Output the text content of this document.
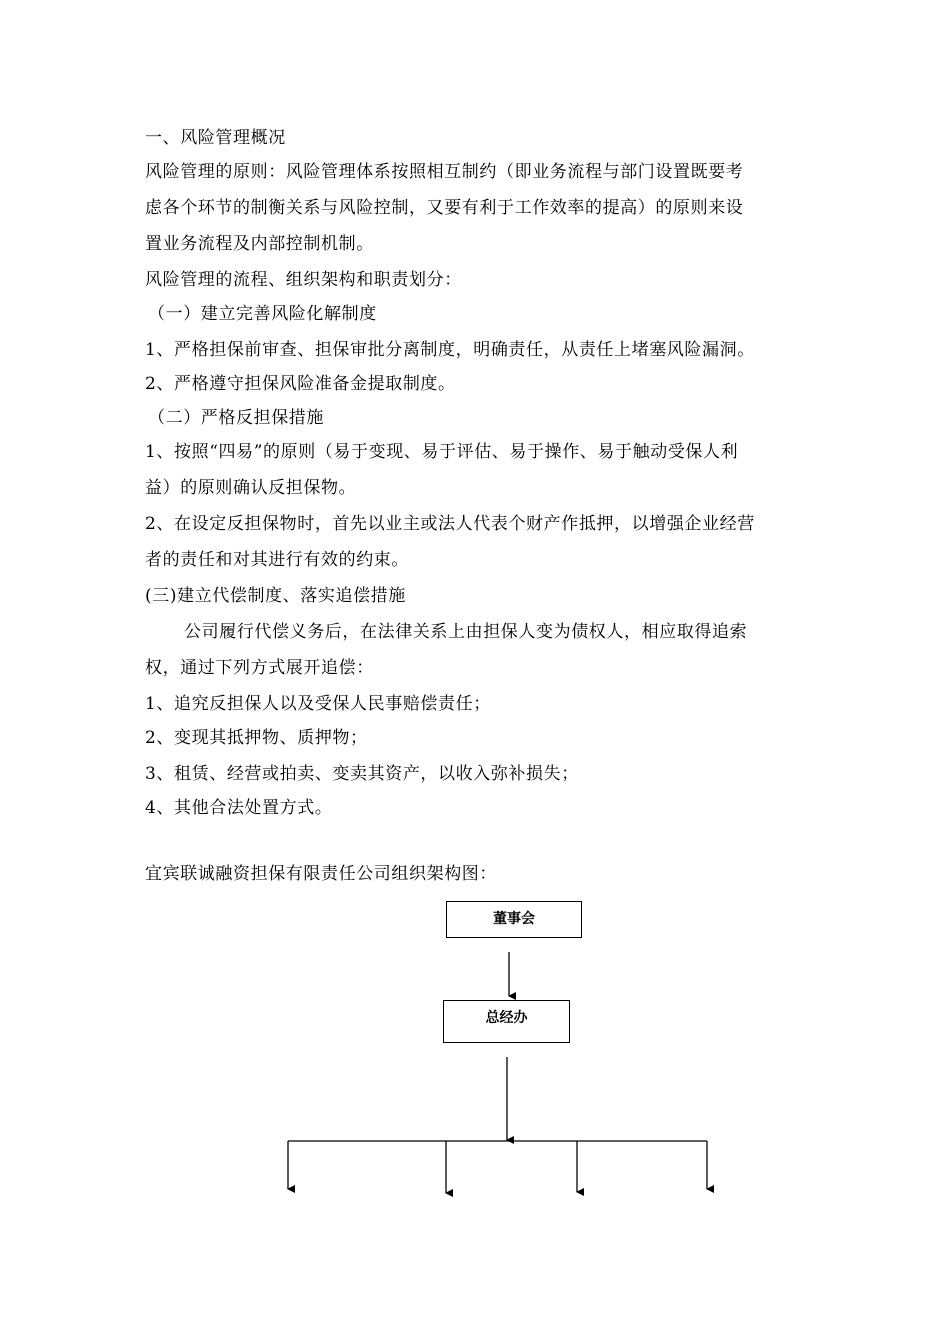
一、风险管理概况
风险管理的原则：风险管理体系按照相互制约（即业务流程与部门设置既要考
虑各个环节的制衡关系与风险控制，又要有利于工作效率的提高）的原则来设
置业务流程及内部控制机制。
风险管理的流程、组织架构和职责划分：
（一）建立完善风险化解制度
1、严格担保前审查、担保审批分离制度，明确责任，从责任上堵塞风险漏洞。
2、严格遵守担保风险准备金提取制度。
（二）严格反担保措施
1、按照“四易”的原则（易于变现、易于评估、易于操作、易于触动受保人利
益）的原则确认反担保物。
2、在设定反担保物时，首先以业主或法人代表个财产作抵押，以增强企业经营
者的责任和对其进行有效的约束。
(三)建立代偿制度、落实追偿措施
公司履行代偿义务后，在法律关系上由担保人变为债权人，相应取得追索
权，通过下列方式展开追偿：
1、追究反担保人以及受保人民事赔偿责任；
2、变现其抵押物、质押物；
3、租赁、经营或拍卖、变卖其资产，以收入弥补损失；
4、其他合法处置方式。
宜宾联诚融资担保有限责任公司组织架构图：
董事会
总经办
